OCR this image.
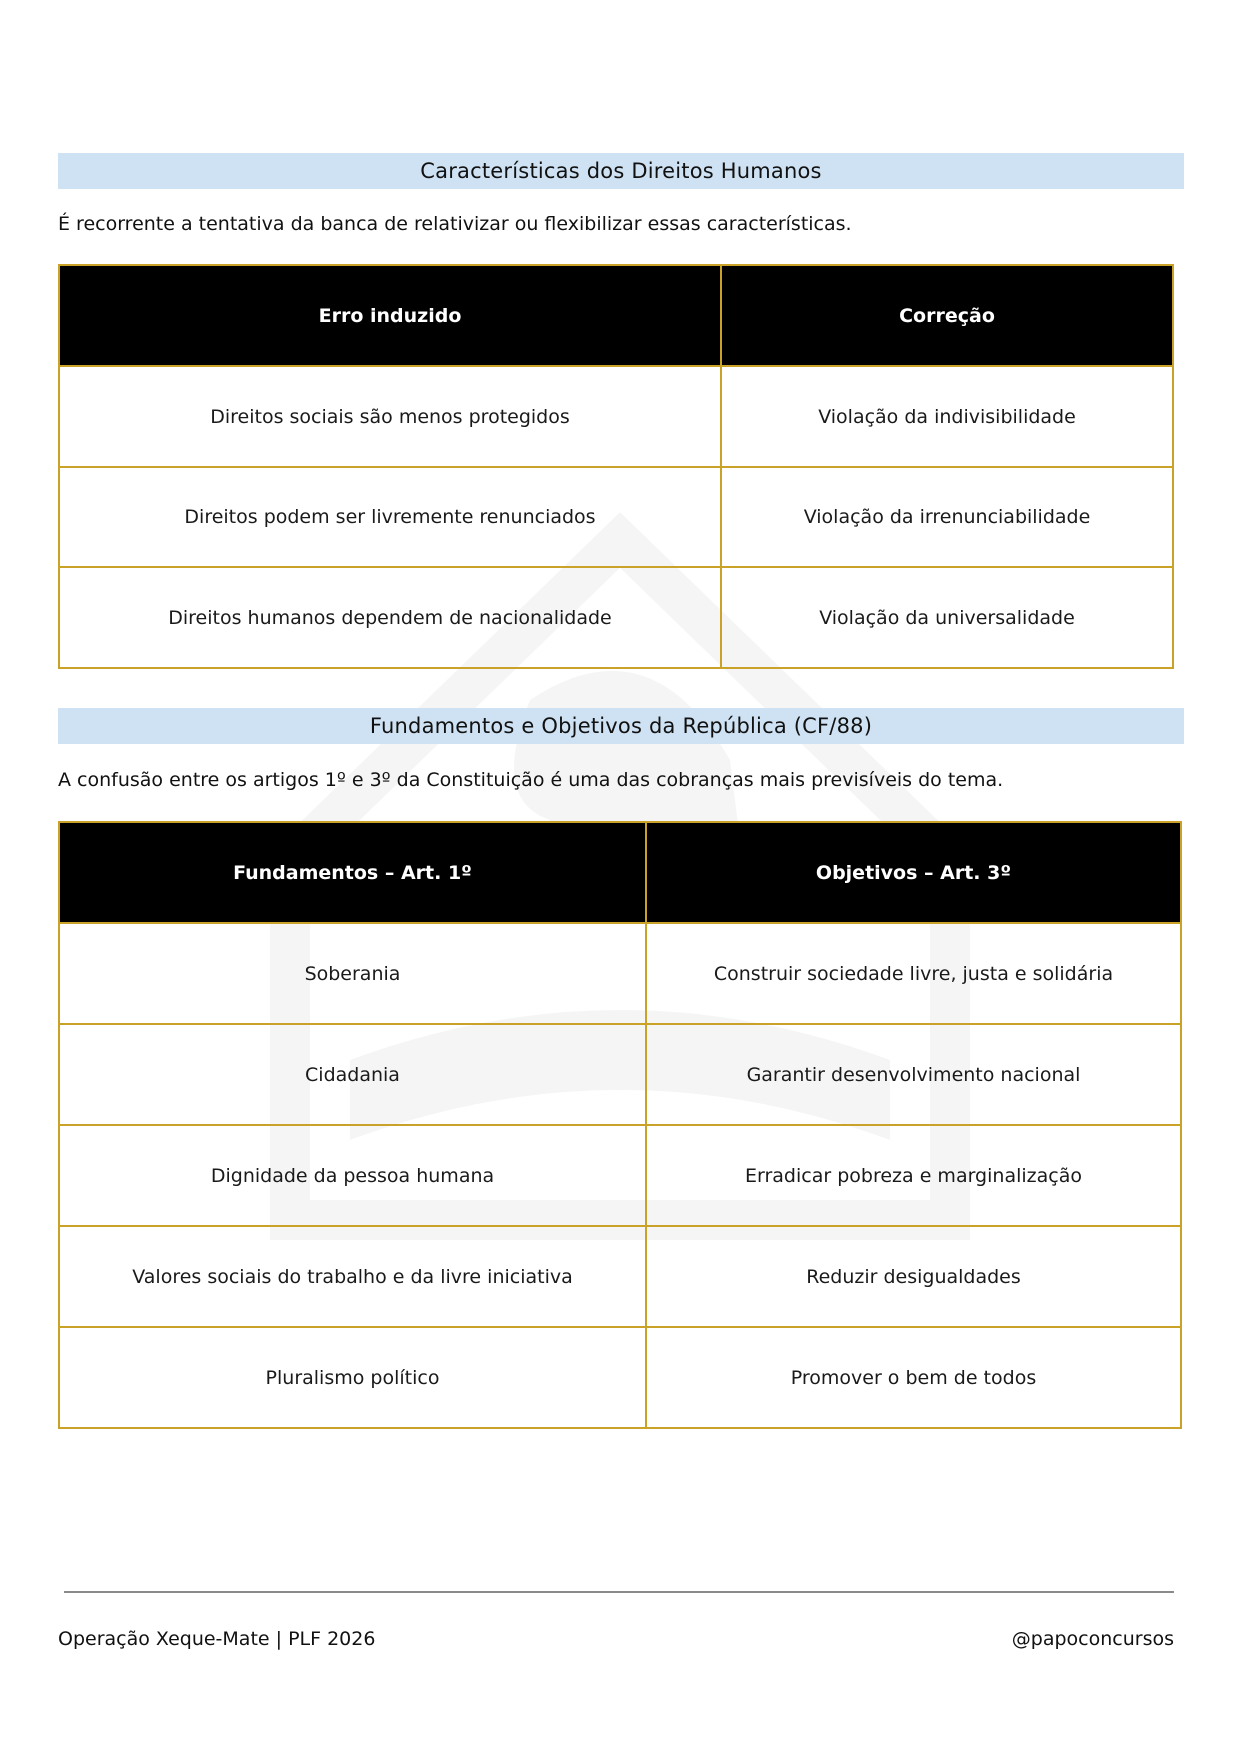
Características dos Direitos Humanos
É recorrente a tentativa da banca de relativizar ou flexibilizar essas características.
Erro induzido	Correção
Direitos sociais são menos protegidos	Violação da indivisibilidade
Direitos podem ser livremente renunciados	Violação da irrenunciabilidade
Direitos humanos dependem de nacionalidade	Violação da universalidade
Fundamentos e Objetivos da República (CF/88)
A confusão entre os artigos 1º e 3º da Constituição é uma das cobranças mais previsíveis do tema.
Fundamentos – Art. 1º	Objetivos – Art. 3º
Soberania	Construir sociedade livre, justa e solidária
Cidadania	Garantir desenvolvimento nacional
Dignidade da pessoa humana	Erradicar pobreza e marginalização
Valores sociais do trabalho e da livre iniciativa	Reduzir desigualdades
Pluralismo político	Promover o bem de todos
Operação Xeque-Mate | PLF 2026	@papoconcursos
